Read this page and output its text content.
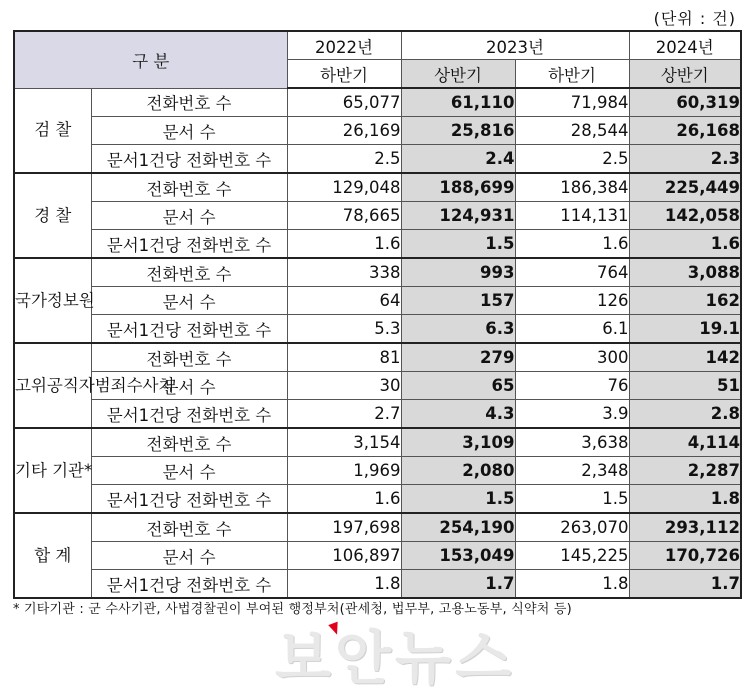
(단위 : 건)
구 분		2022년	2023년		2024년
		하반기	상반기	하반기	상반기
검 찰	전화번호 수	65,077	61,110	71,984	60,319
	문서 수	26,169	25,816	28,544	26,168
	문서1건당 전화번호 수	2.5	2.4	2.5	2.3
경 찰	전화번호 수	129,048	188,699	186,384	225,449
	문서 수	78,665	124,931	114,131	142,058
	문서1건당 전화번호 수	1.6	1.5	1.6	1.6
국가정보원	전화번호 수	338	993	764	3,088
	문서 수	64	157	126	162
	문서1건당 전화번호 수	5.3	6.3	6.1	19.1
고위공직자범죄수사처	전화번호 수	81	279	300	142
	문서 수	30	65	76	51
	문서1건당 전화번호 수	2.7	4.3	3.9	2.8
기타 기관*	전화번호 수	3,154	3,109	3,638	4,114
	문서 수	1,969	2,080	2,348	2,287
	문서1건당 전화번호 수	1.6	1.5	1.5	1.8
합 계	전화번호 수	197,698	254,190	263,070	293,112
	문서 수	106,897	153,049	145,225	170,726
	문서1건당 전화번호 수	1.8	1.7	1.8	1.7
* 기타기관 : 군 수사기관, 사법경찰권이 부여된 행정부처(관세청, 법무부, 고용노동부, 식약처 등)
보안뉴스
